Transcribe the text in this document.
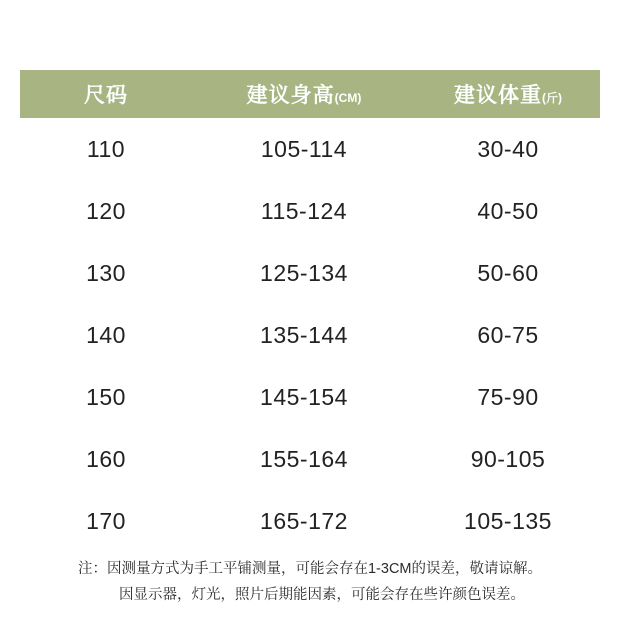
尺码	建议身高(CM)	建议体重(斤)
110	105-114	30-40
120	115-124	40-50
130	125-134	50-60
140	135-144	60-75
150	145-154	75-90
160	155-164	90-105
170	165-172	105-135
注：因测量方式为手工平铺测量，可能会存在1-3CM的误差，敬请谅解。
因显示器，灯光，照片后期能因素，可能会存在些许颜色误差。
